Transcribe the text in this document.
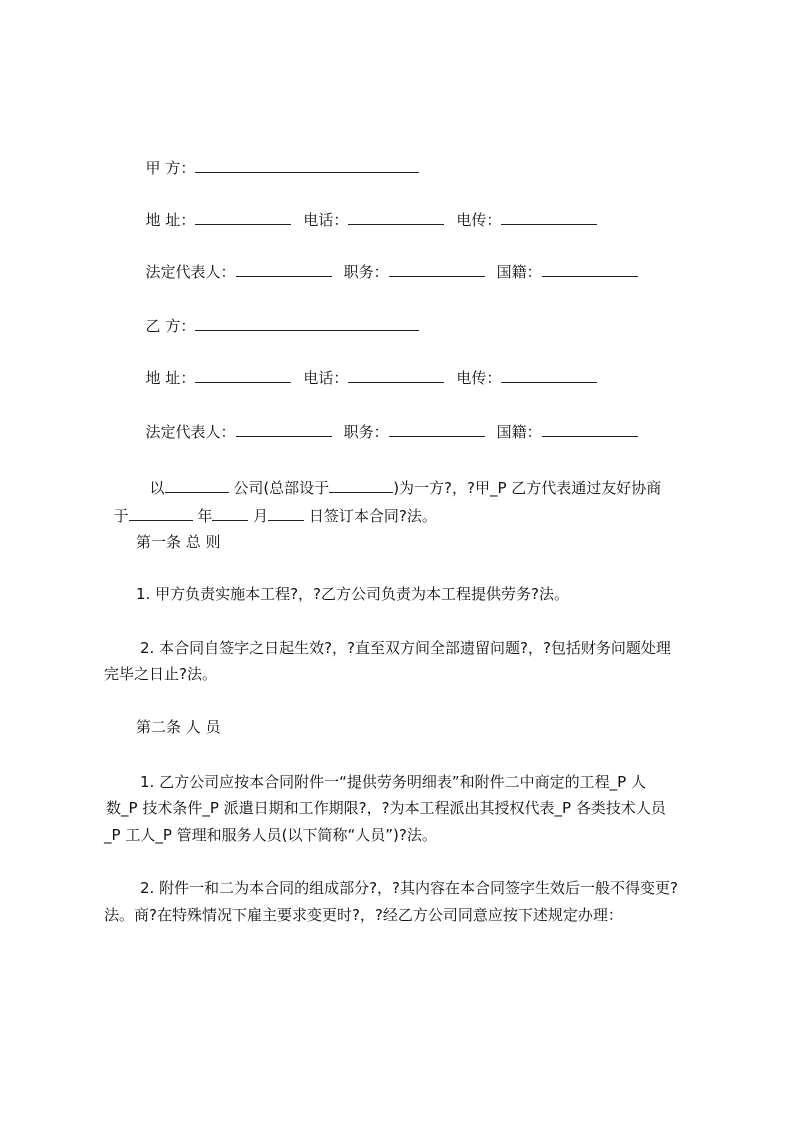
甲 方：

地 址：	电话：	电传：

法定代表人：	职务：	国籍：

乙 方：

地 址：	电话：	电传：

法定代表人：	职务：	国籍：

以	公司(总部设于	)为一方?，?甲_P 乙方代表通过友好协商

于	年 月 日签订本合同?法。

第一条 总 则
1. 甲方负责实施本工程?，?乙方公司负责为本工程提供劳务?法。
2. 本合同自签字之日起生效?，?直至双方间全部遗留问题?，?包括财务问题处理
完毕之日止?法。
第二条 人 员
1. 乙方公司应按本合同附件一“提供劳务明细表”和附件二中商定的工程_P 人
数_P 技术条件_P 派遣日期和工作期限?，?为本工程派出其授权代表_P 各类技术人员
_P 工人_P 管理和服务人员(以下简称“人员”)?法。
2. 附件一和二为本合同的组成部分?，?其内容在本合同签字生效后一般不得变更?
法。商?在特殊情况下雇主要求变更时?，?经乙方公司同意应按下述规定办理：
